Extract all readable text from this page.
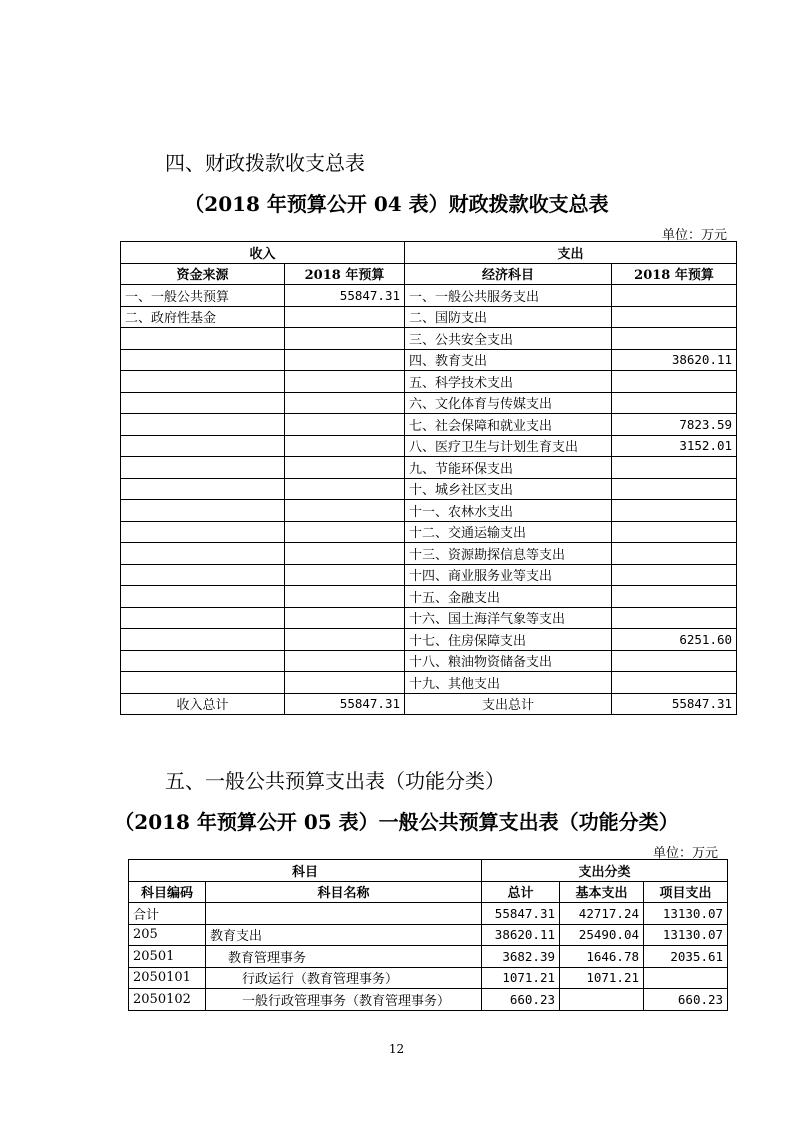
四、财政拨款收支总表
（2018 年预算公开 04 表）财政拨款收支总表
单位：万元
收入		支出	
资金来源	2018 年预算	经济科目	2018 年预算
一、一般公共预算	55847.31	一、一般公共服务支出	
二、政府性基金		二、国防支出	
		三、公共安全支出	
		四、教育支出	38620.11
		五、科学技术支出	
		六、文化体育与传媒支出	
		七、社会保障和就业支出	7823.59
		八、医疗卫生与计划生育支出	3152.01
		九、节能环保支出	
		十、城乡社区支出	
		十一、农林水支出	
		十二、交通运输支出	
		十三、资源勘探信息等支出	
		十四、商业服务业等支出	
		十五、金融支出	
		十六、国土海洋气象等支出	
		十七、住房保障支出	6251.60
		十八、粮油物资储备支出	
		十九、其他支出	
收入总计	55847.31	支出总计	55847.31
五、一般公共预算支出表（功能分类）
（2018 年预算公开 05 表）一般公共预算支出表（功能分类）
单位：万元
科目		支出分类		
科目编码	科目名称	总计	基本支出	项目支出
合计		55847.31	42717.24	13130.07
205	教育支出	38620.11	25490.04	13130.07
20501	教育管理事务	3682.39	1646.78	2035.61
2050101	行政运行（教育管理事务）	1071.21	1071.21	
2050102	一般行政管理事务（教育管理事务）	660.23		660.23
12
